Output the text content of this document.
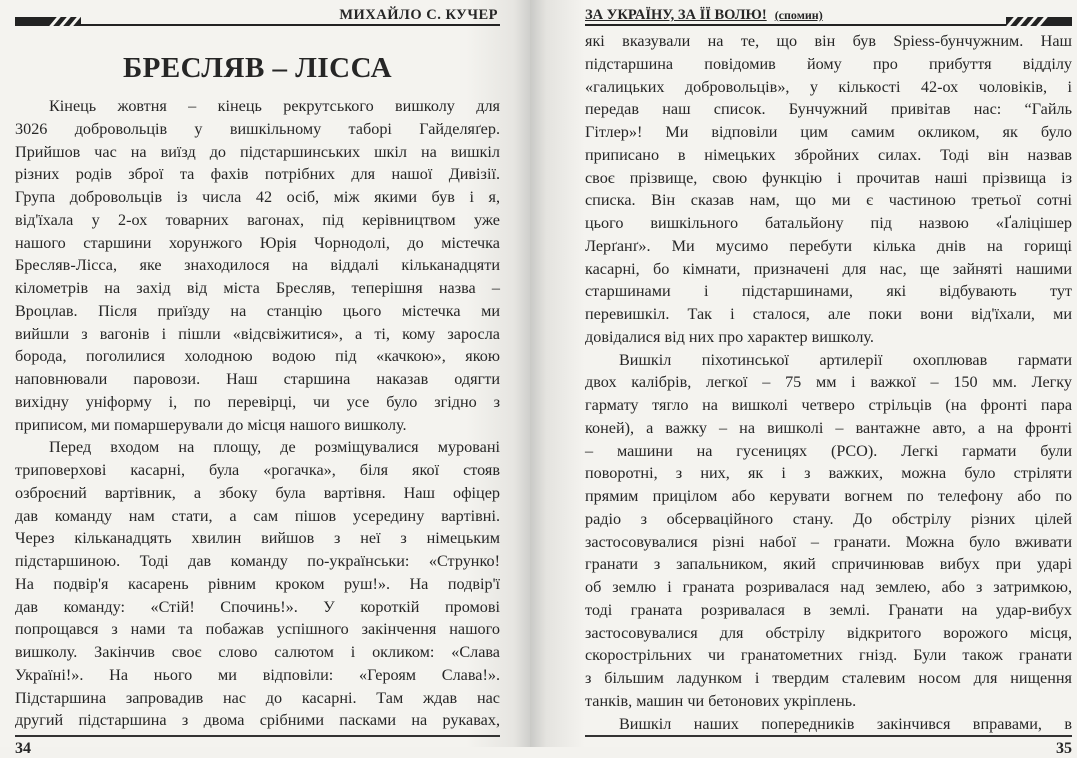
МИХАЙЛО С. КУЧЕР
БРЕСЛЯВ – ЛІССА
Кінець жовтня – кінець рекрутського вишколу для
3026 добровольців у вишкільному таборі Гайделяґер.
Прийшов час на виїзд до підстаршинських шкіл на вишкіл
різних родів зброї та фахів потрібних для нашої Дивізії.
Група добровольців із числа 42 осіб, між якими був і я,
від'їхала у 2-ох товарних вагонах, під керівництвом уже
нашого старшини хорунжого Юрія Чорнодолі, до містечка
Бресляв-Лісса, яке знаходилося на віддалі кільканадцяти
кілометрів на захід від міста Бресляв, теперішня назва –
Вроцлав. Після приїзду на станцію цього містечка ми
вийшли з вагонів і пішли «відсвіжитися», а ті, кому заросла
борода, поголилися холодною водою під «качкою», якою
наповнювали паровози. Наш старшина наказав одягти
вихідну уніформу і, по перевірці, чи усе було згідно з
приписом, ми помаршерували до місця нашого вишколу.
Перед входом на площу, де розміщувалися муровані
триповерхові касарні, була «рогачка», біля якої стояв
озброєний вартівник, а збоку була вартівня. Наш офіцер
дав команду нам стати, а сам пішов усередину вартівні.
Через кільканадцять хвилин вийшов з неї з німецьким
підстаршиною. Тоді дав команду по-українськи: «Струнко!
На подвір'я касарень рівним кроком руш!». На подвір'ї
дав команду: «Стій! Спочинь!». У короткій промові
попрощався з нами та побажав успішного закінчення нашого
вишколу. Закінчив своє слово салютом і окликом: «Слава
Україні!». На нього ми відповіли: «Героям Слава!».
Підстаршина запровадив нас до касарні. Там ждав нас
другий підстаршина з двома срібними пасками на рукавах,
34
ЗА УКРАЇНУ, ЗА ЇЇ ВОЛЮ! (спомин)
які вказували на те, що він був Spiess-бунчужним. Наш
підстаршина повідомив йому про прибуття відділу
«галицьких добровольців», у кількості 42-ох чоловіків, і
передав наш список. Бунчужний привітав нас: “Гайль
Гітлер»! Ми відповіли цим самим окликом, як було
приписано в німецьких збройних силах. Тоді він назвав
своє прізвище, свою функцію і прочитав наші прізвища із
списка. Він сказав нам, що ми є частиною третьої сотні
цього вишкільного батальйону під назвою «Ґаліцішер
Лерґанґ». Ми мусимо перебути кілька днів на горищі
касарні, бо кімнати, призначені для нас, ще зайняті нашими
старшинами і підстаршинами, які відбувають тут
перевишкіл. Так і сталося, але поки вони від'їхали, ми
довідалися від них про характер вишколу.
Вишкіл піхотинської артилерії охоплював гармати
двох калібрів, легкої – 75 мм і важкої – 150 мм. Легку
гармату тягло на вишколі четверо стрільців (на фронті пара
коней), а важку – на вишколі – вантажне авто, а на фронті
– машини на гусеницях (PCO). Легкі гармати були
поворотні, з них, як і з важких, можна було стріляти
прямим прицілом або керувати вогнем по телефону або по
радіо з обсерваційного стану. До обстрілу різних цілей
застосовувалися різні набої – гранати. Можна було вживати
гранати з запальником, який спричинював вибух при ударі
об землю і граната розривалася над землею, або з затримкою,
тоді граната розривалася в землі. Гранати на удар-вибух
застосовувалися для обстрілу відкритого ворожого місця,
скорострільних чи гранатометних гнізд. Були також гранати
з більшим ладунком і твердим сталевим носом для нищення
танків, машин чи бетонових укріплень.
Вишкіл наших попередників закінчився вправами, в
35
